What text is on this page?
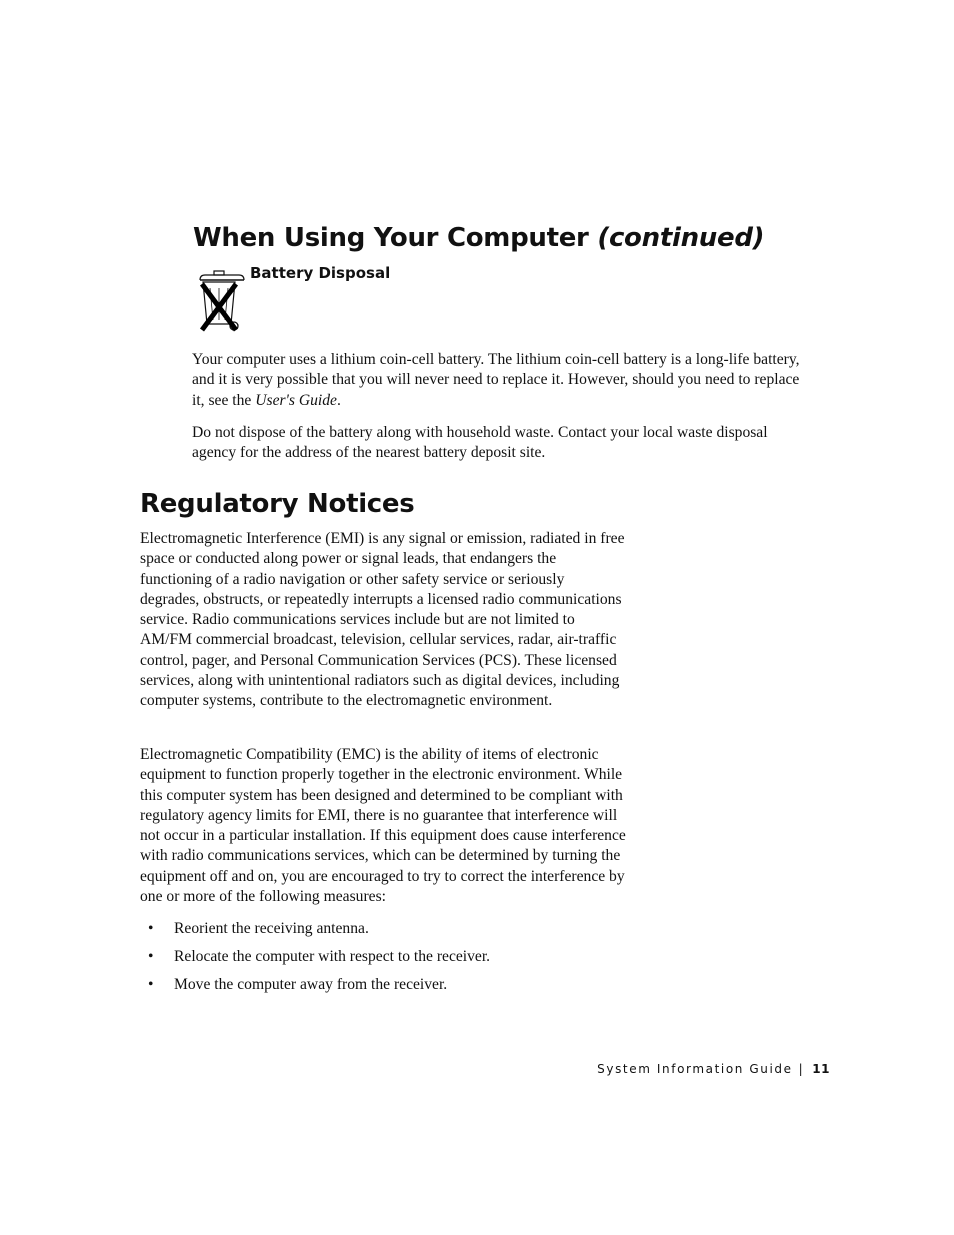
When Using Your Computer (continued)
Battery Disposal

Your computer uses a lithium coin-cell battery. The lithium coin-cell battery is a long-life battery, and it is very possible that you will never need to replace it. However, should you need to replace it, see the User's Guide.

Do not dispose of the battery along with household waste. Contact your local waste disposal agency for the address of the nearest battery deposit site.

Regulatory Notices

Electromagnetic Interference (EMI) is any signal or emission, radiated in free space or conducted along power or signal leads, that endangers the functioning of a radio navigation or other safety service or seriously degrades, obstructs, or repeatedly interrupts a licensed radio communications service. Radio communications services include but are not limited to AM/FM commercial broadcast, television, cellular services, radar, air-traffic control, pager, and Personal Communication Services (PCS). These licensed services, along with unintentional radiators such as digital devices, including computer systems, contribute to the electromagnetic environment.

Electromagnetic Compatibility (EMC) is the ability of items of electronic equipment to function properly together in the electronic environment. While this computer system has been designed and determined to be compliant with regulatory agency limits for EMI, there is no guarantee that interference will not occur in a particular installation. If this equipment does cause interference with radio communications services, which can be determined by turning the equipment off and on, you are encouraged to try to correct the interference by one or more of the following measures:

• Reorient the receiving antenna.
• Relocate the computer with respect to the receiver.
• Move the computer away from the receiver.
System Information Guide | 11
